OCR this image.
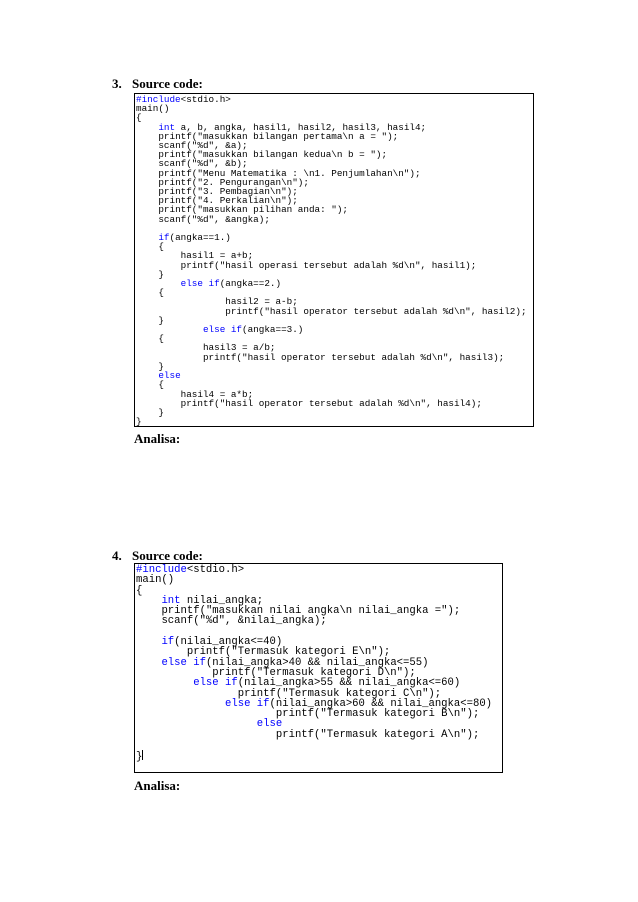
3. Source code:
#include<stdio.h>

main()

{

int a, b, angka, hasil1, hasil2, hasil3, hasil4;

printf("masukkan bilangan pertama\n a = ");

scanf("%d", &a);

printf("masukkan bilangan kedua\n b = ");

scanf("%d", &b);

printf("Menu Matematika : \n1. Penjumlahan\n");

printf("2. Pengurangan\n");

printf("3. Pembagian\n");

printf("4. Perkalian\n");

printf("masukkan pilihan anda: ");

scanf("%d", &angka);

if(angka==1.)

{

hasil1 = a+b;

printf("hasil operasi tersebut adalah %d\n", hasil1);

}

else if(angka==2.)

{

hasil2 = a-b;

printf("hasil operator tersebut adalah %d\n", hasil2);

}

else if(angka==3.)

{

hasil3 = a/b;

printf("hasil operator tersebut adalah %d\n", hasil3);

}

else

{

hasil4 = a*b;

printf("hasil operator tersebut adalah %d\n", hasil4);

}

}

Analisa:
4. Source code:
#include<stdio.h>

main()

{

int nilai_angka;

printf("masukkan nilai angka\n nilai_angka =");

scanf("%d", &nilai_angka);

if(nilai_angka<=40)

printf("Termasuk kategori E\n");

else if(nilai_angka>40 && nilai_angka<=55)

printf("Termasuk kategori D\n");

else if(nilai_angka>55 && nilai_angka<=60)

printf("Termasuk kategori C\n");

else if(nilai_angka>60 && nilai_angka<=80)

printf("Termasuk kategori B\n");

else

printf("Termasuk kategori A\n");

}

Analisa:
